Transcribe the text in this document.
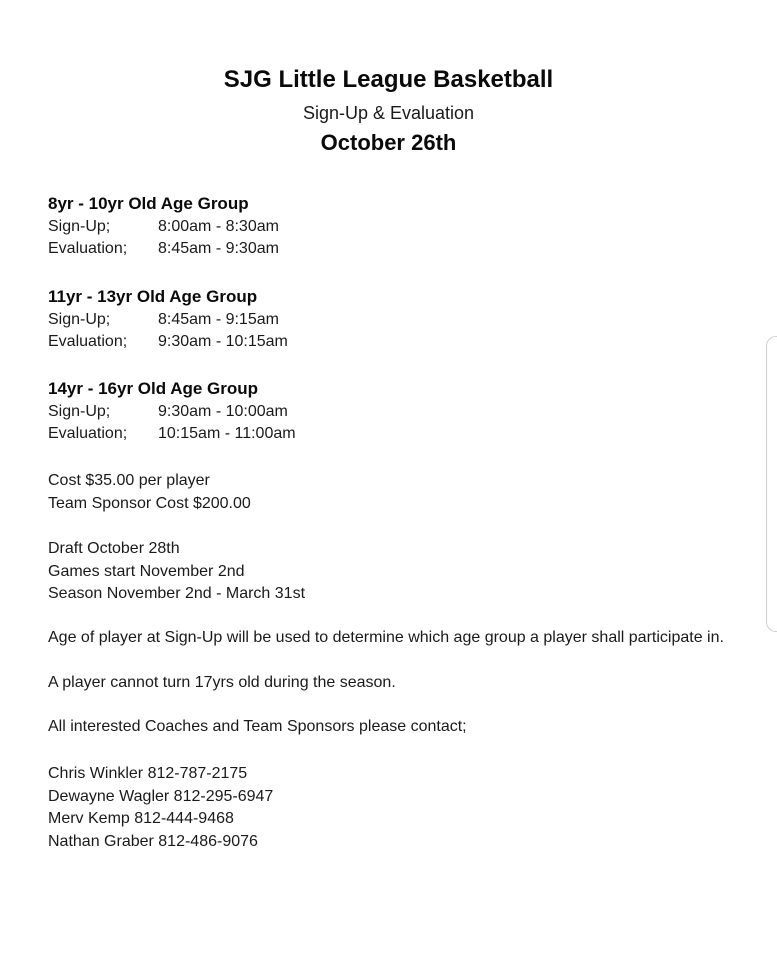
SJG Little League Basketball
Sign-Up & Evaluation
October 26th
8yr - 10yr Old Age Group
Sign-Up;	8:00am - 8:30am
Evaluation;	8:45am - 9:30am
11yr - 13yr Old Age Group
Sign-Up;	8:45am - 9:15am
Evaluation;	9:30am - 10:15am
14yr - 16yr Old Age Group
Sign-Up;	9:30am - 10:00am
Evaluation;	10:15am - 11:00am
Cost $35.00 per player
Team Sponsor Cost $200.00
Draft October 28th
Games start November 2nd
Season November 2nd - March 31st
Age of player at Sign-Up will be used to determine which age group a player shall participate in.
A player cannot turn 17yrs old during the season.
All interested Coaches and Team Sponsors please contact;
Chris Winkler 812-787-2175
Dewayne Wagler 812-295-6947
Merv Kemp 812-444-9468
Nathan Graber 812-486-9076
